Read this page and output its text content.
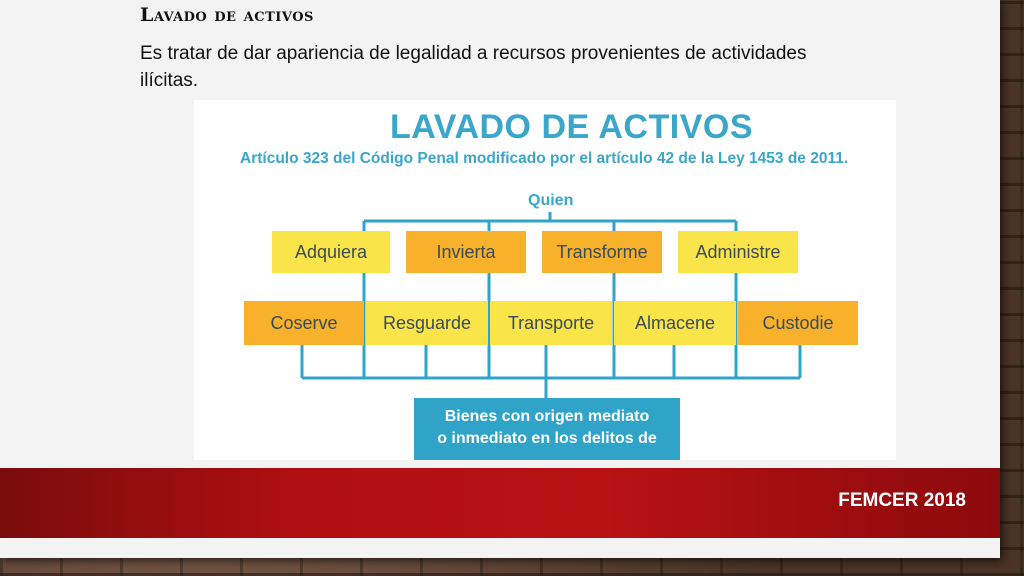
Lavado de activos
Es tratar de dar apariencia de legalidad a recursos provenientes de actividades ilícitas.
LAVADO DE ACTIVOS
Artículo 323 del Código Penal modificado por el artículo 42 de la Ley 1453 de 2011.
Quien
Adquiera	Invierta	Transforme	Administre
Coserve	Resguarde	Transporte	Almacene	Custodie
Bienes con origen mediato
o inmediato en los delitos de
FEMCER 2018
